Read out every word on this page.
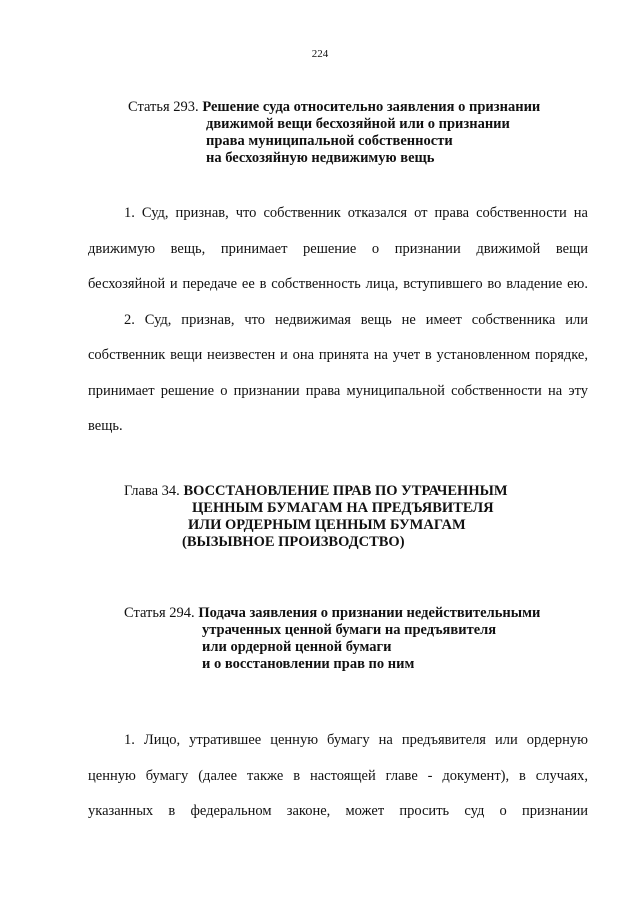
224
Статья 293. Решение суда относительно заявления о признании
движимой вещи бесхозяйной или о признании
права муниципальной собственности
на бесхозяйную недвижимую вещь
1. Суд, признав, что собственник отказался от права собственности на
движимую вещь, принимает решение о признании движимой вещи
бесхозяйной и передаче ее в собственность лица, вступившего во владение ею.
2. Суд, признав, что недвижимая вещь не имеет собственника или
собственник вещи неизвестен и она принята на учет в установленном порядке,
принимает решение о признании права муниципальной собственности на эту
вещь.
Глава 34. ВОССТАНОВЛЕНИЕ ПРАВ ПО УТРАЧЕННЫМ
ЦЕННЫМ БУМАГАМ НА ПРЕДЪЯВИТЕЛЯ
ИЛИ ОРДЕРНЫМ ЦЕННЫМ БУМАГАМ
(ВЫЗЫВНОЕ ПРОИЗВОДСТВО)
Статья 294. Подача заявления о признании недействительными
утраченных ценной бумаги на предъявителя
или ордерной ценной бумаги
и о восстановлении прав по ним
1. Лицо, утратившее ценную бумагу на предъявителя или ордерную
ценную бумагу (далее также в настоящей главе - документ), в случаях,
указанных в федеральном законе, может просить суд о признании
